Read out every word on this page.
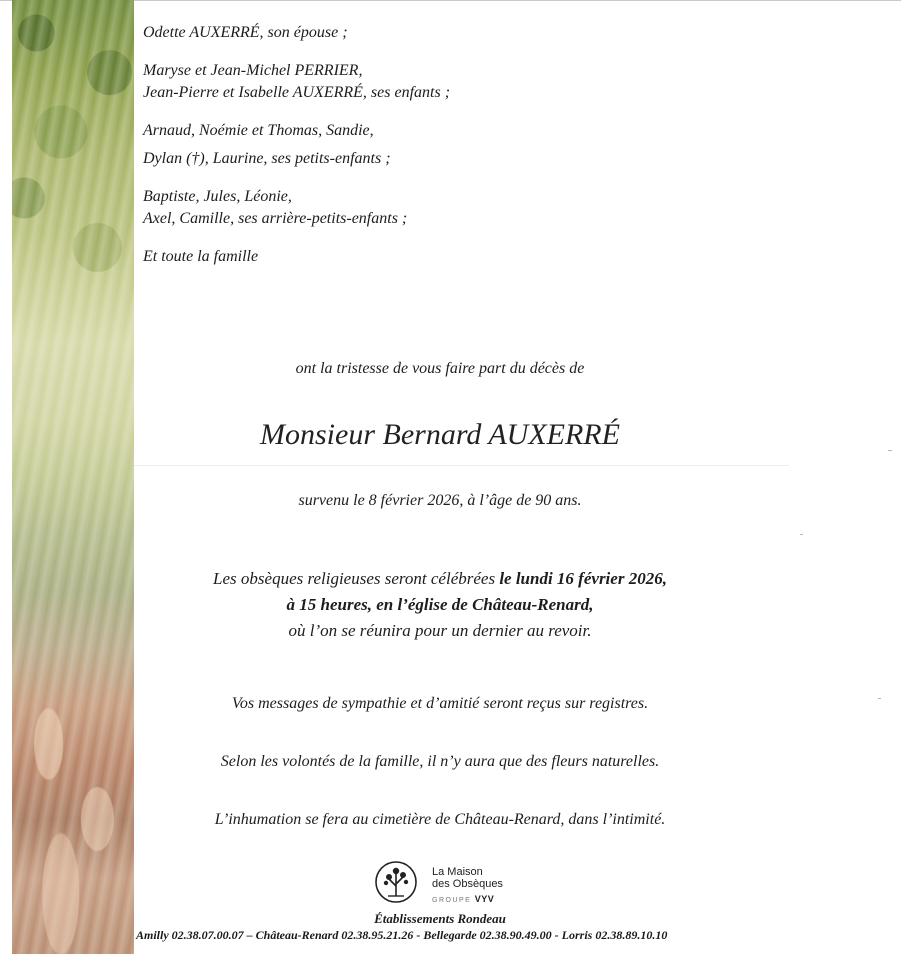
Odette AUXERRÉ, son épouse ;
Maryse et Jean-Michel PERRIER,
Jean-Pierre et Isabelle AUXERRÉ, ses enfants ;
Arnaud, Noémie et Thomas, Sandie,
Dylan (†), Laurine, ses petits-enfants ;
Baptiste, Jules, Léonie,
Axel, Camille, ses arrière-petits-enfants ;
Et toute la famille
ont la tristesse de vous faire part du décès de
Monsieur Bernard AUXERRÉ
survenu le 8 février 2026, à l’âge de 90 ans.
Les obsèques religieuses seront célébrées le lundi 16 février 2026,
à 15 heures, en l’église de Château-Renard,
où l’on se réunira pour un dernier au revoir.
Vos messages de sympathie et d’amitié seront reçus sur registres.
Selon les volontés de la famille, il n’y aura que des fleurs naturelles.
L’inhumation se fera au cimetière de Château-Renard, dans l’intimité.
La Maison
des Obsèques
GROUPE VYV
Établissements Rondeau
Amilly 02.38.07.00.07 – Château-Renard 02.38.95.21.26 - Bellegarde 02.38.90.49.00 - Lorris 02.38.89.10.10
